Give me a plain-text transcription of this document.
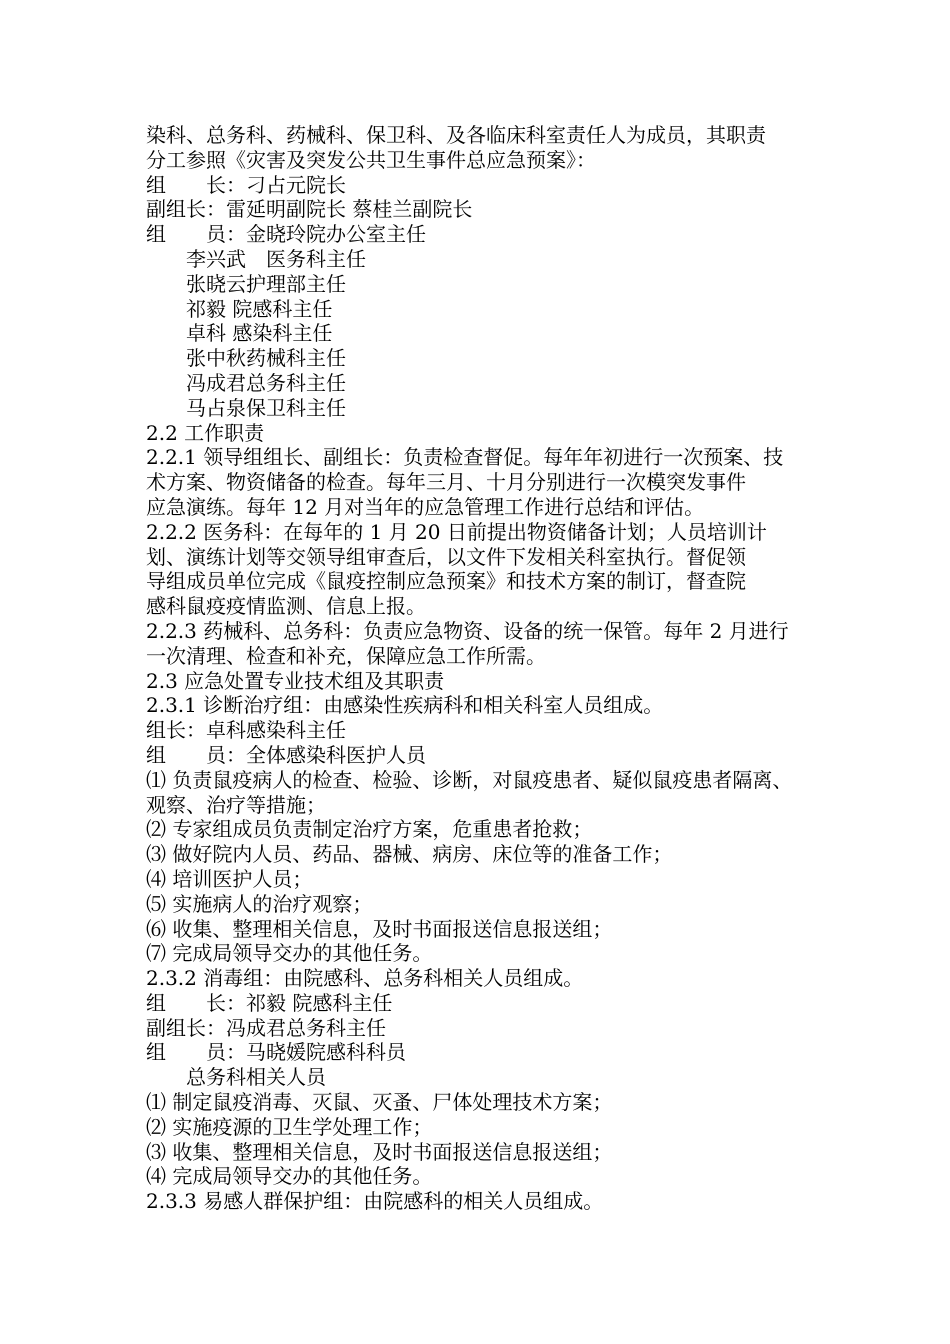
染科、总务科、药械科、保卫科、及各临床科室责任人为成员，其职责
分工参照《灾害及突发公共卫生事件总应急预案》：
组　　长：刁占元院长
副组长：雷延明副院长 蔡桂兰副院长
组　　员：金晓玲院办公室主任
李兴武　医务科主任
张晓云护理部主任
祁毅 院感科主任
卓科 感染科主任
张中秋药械科主任
冯成君总务科主任
马占泉保卫科主任
2.2 工作职责
2.2.1 领导组组长、副组长：负责检查督促。每年年初进行一次预案、技
术方案、物资储备的检查。每年三月、十月分别进行一次模突发事件
应急演练。每年 12 月对当年的应急管理工作进行总结和评估。
2.2.2 医务科：在每年的 1 月 20 日前提出物资储备计划；人员培训计
划、演练计划等交领导组审查后，以文件下发相关科室执行。督促领
导组成员单位完成《鼠疫控制应急预案》和技术方案的制订，督查院
感科鼠疫疫情监测、信息上报。
2.2.3 药械科、总务科：负责应急物资、设备的统一保管。每年 2 月进行
一次清理、检查和补充，保障应急工作所需。
2.3 应急处置专业技术组及其职责
2.3.1 诊断治疗组：由感染性疾病科和相关科室人员组成。
组长：卓科感染科主任
组　　员：全体感染科医护人员
⑴ 负责鼠疫病人的检查、检验、诊断，对鼠疫患者、疑似鼠疫患者隔离、
观察、治疗等措施；
⑵ 专家组成员负责制定治疗方案，危重患者抢救；
⑶ 做好院内人员、药品、器械、病房、床位等的准备工作；
⑷ 培训医护人员；
⑸ 实施病人的治疗观察；
⑹ 收集、整理相关信息，及时书面报送信息报送组；
⑺ 完成局领导交办的其他任务。
2.3.2 消毒组：由院感科、总务科相关人员组成。
组　　长：祁毅 院感科主任
副组长：冯成君总务科主任
组　　员：马晓媛院感科科员
总务科相关人员
⑴ 制定鼠疫消毒、灭鼠、灭蚤、尸体处理技术方案；
⑵ 实施疫源的卫生学处理工作；
⑶ 收集、整理相关信息，及时书面报送信息报送组；
⑷ 完成局领导交办的其他任务。
2.3.3 易感人群保护组：由院感科的相关人员组成。
